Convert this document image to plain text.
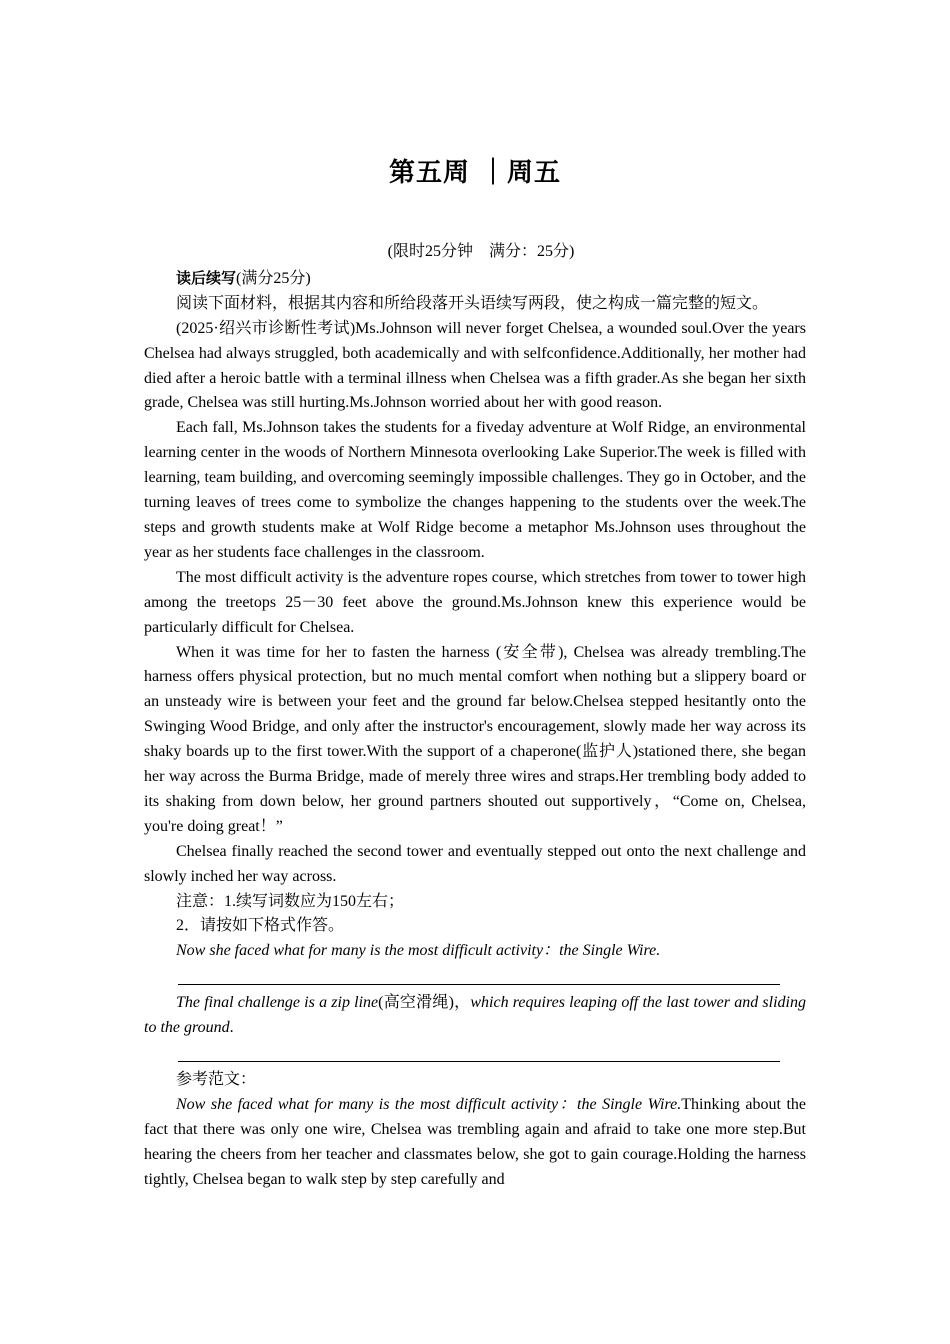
第五周 ｜周五
(限时25分钟　满分：25分)

读后续写(满分25分)

阅读下面材料，根据其内容和所给段落开头语续写两段，使之构成一篇完整的短文。

(2025·绍兴市诊断性考试)Ms.Johnson will never forget Chelsea, a wounded soul.Over the years Chelsea had always struggled, both academically and with selfconfidence.Additionally, her mother had died after a heroic battle with a terminal illness when Chelsea was a fifth grader.As she began her sixth grade, Chelsea was still hurting.Ms.Johnson worried about her with good reason.

Each fall, Ms.Johnson takes the students for a fiveday adventure at Wolf Ridge, an environmental learning center in the woods of Northern Minnesota overlooking Lake Superior.The week is filled with learning, team building, and overcoming seemingly impossible challenges. They go in October, and the turning leaves of trees come to symbolize the changes happening to the students over the week.The steps and growth students make at Wolf Ridge become a metaphor Ms.Johnson uses throughout the year as her students face challenges in the classroom.

The most difficult activity is the adventure ropes course, which stretches from tower to tower high among the treetops 25－30 feet above the ground.Ms.Johnson knew this experience would be particularly difficult for Chelsea.

When it was time for her to fasten the harness (安全带), Chelsea was already trembling.The harness offers physical protection, but no much mental comfort when nothing but a slippery board or an unsteady wire is between your feet and the ground far below.Chelsea stepped hesitantly onto the Swinging Wood Bridge, and only after the instructor's encouragement, slowly made her way across its shaky boards up to the first tower.With the support of a chaperone(监护人)stationed there, she began her way across the Burma Bridge, made of merely three wires and straps.Her trembling body added to its shaking from down below, her ground partners shouted out supportively，“Come on, Chelsea, you're doing great！”

Chelsea finally reached the second tower and eventually stepped out onto the next challenge and slowly inched her way across.

注意：1.续写词数应为150左右；

2．请按如下格式作答。

Now she faced what for many is the most difficult activity：the Single Wire.

The final challenge is a zip line(高空滑绳)，which requires leaping off the last tower and sliding to the ground.

参考范文：

Now she faced what for many is the most difficult activity：the Single Wire.Thinking about the fact that there was only one wire, Chelsea was trembling again and afraid to take one more step.But hearing the cheers from her teacher and classmates below, she got to gain courage.Holding the harness tightly, Chelsea began to walk step by step carefully and
